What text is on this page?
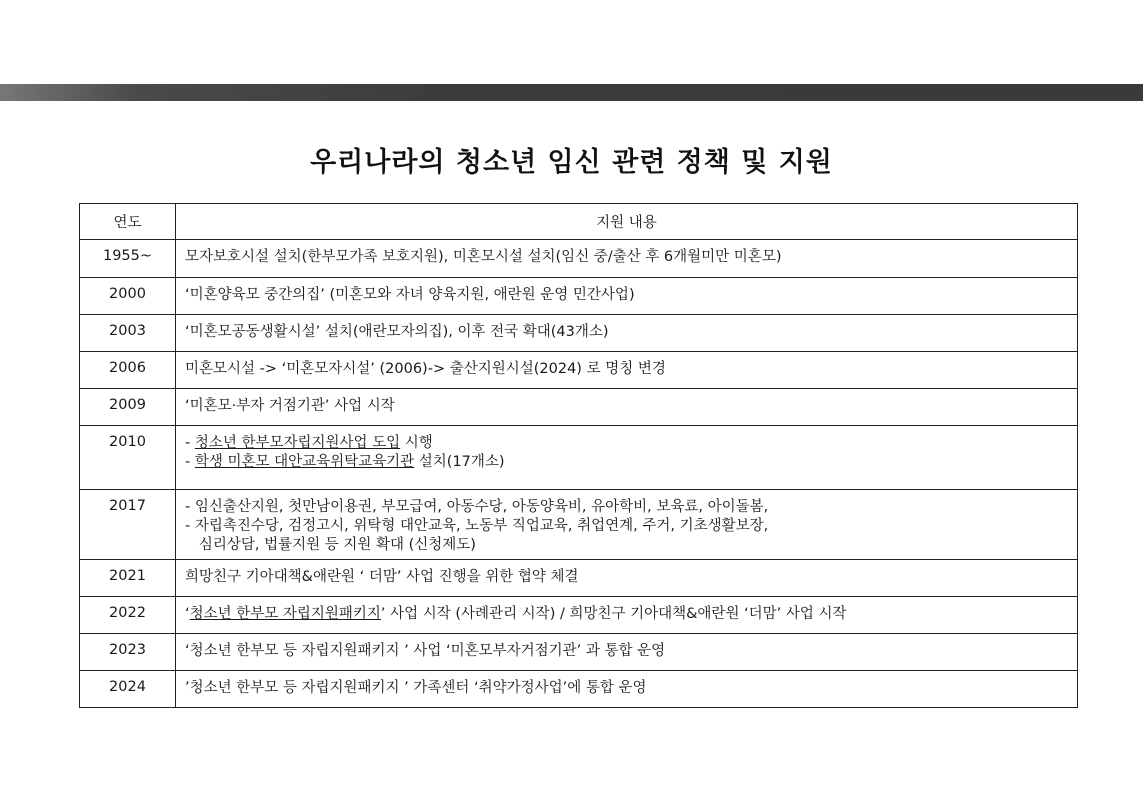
우리나라의 청소년 임신 관련 정책 및 지원
연도	지원 내용
1955~	모자보호시설 설치(한부모가족 보호지원), 미혼모시설 설치(임신 중/출산 후 6개월미만 미혼모)

2000	‘미혼양육모 중간의집’ (미혼모와 자녀 양육지원, 애란원 운영 민간사업)

2003	‘미혼모공동생활시설’ 설치(애란모자의집), 이후 전국 확대(43개소)

2006	미혼모시설 -> ‘미혼모자시설’ (2006)-> 출산지원시설(2024) 로 명칭 변경

2009	‘미혼모·부자 거점기관’ 사업 시작

2010	- 청소년 한부모자립지원사업 도입 시행
- 학생 미혼모 대안교육위탁교육기관 설치(17개소)

2017	- 임신출산지원, 첫만남이용권, 부모급여, 아동수당, 아동양육비, 유아학비, 보육료, 아이돌봄,
- 자립촉진수당, 검정고시, 위탁형 대안교육, 노동부 직업교육, 취업연계, 주거, 기초생활보장,
심리상담, 법률지원 등 지원 확대 (신청제도)

2021	희망친구 기아대책&애란원 ‘ 더맘’ 사업 진행을 위한 협약 체결

2022	‘청소년 한부모 자립지원패키지’ 사업 시작 (사례관리 시작) / 희망친구 기아대책&애란원 ‘더맘’ 사업 시작

2023	‘청소년 한부모 등 자립지원패키지 ’ 사업 ‘미혼모부자거점기관’ 과 통합 운영

2024	’청소년 한부모 등 자립지원패키지 ’ 가족센터 ‘취약가정사업’에 통합 운영
